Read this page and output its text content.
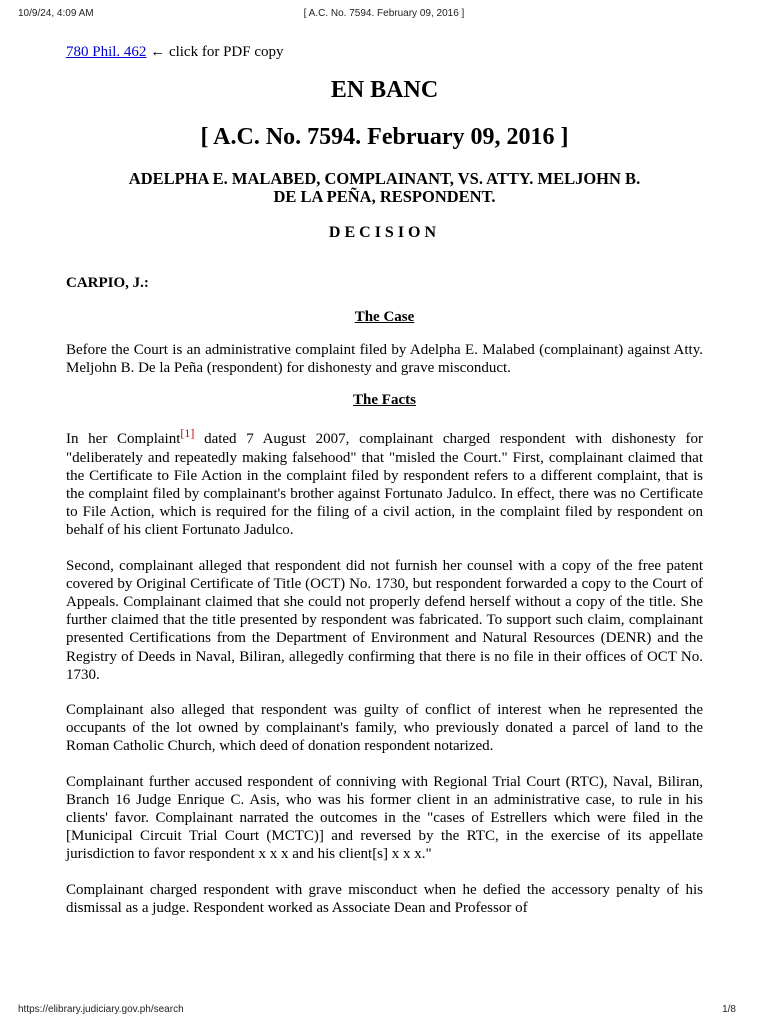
10/9/24, 4:09 AM	[ A.C. No. 7594. February 09, 2016 ]
780 Phil. 462 ← click for PDF copy
EN BANC
[ A.C. No. 7594. February 09, 2016 ]
ADELPHA E. MALABED, COMPLAINANT, VS. ATTY. MELJOHN B.
DE LA PEÑA, RESPONDENT.
DECISION
CARPIO, J.:
The Case

Before the Court is an administrative complaint filed by Adelpha E. Malabed (complainant) against Atty. Meljohn B. De la Peña (respondent) for dishonesty and grave misconduct.

The Facts

In her Complaint[1] dated 7 August 2007, complainant charged respondent with dishonesty for "deliberately and repeatedly making falsehood" that "misled the Court." First, complainant claimed that the Certificate to File Action in the complaint filed by respondent refers to a different complaint, that is the complaint filed by complainant's brother against Fortunato Jadulco. In effect, there was no Certificate to File Action, which is required for the filing of a civil action, in the complaint filed by respondent on behalf of his client Fortunato Jadulco.

Second, complainant alleged that respondent did not furnish her counsel with a copy of the free patent covered by Original Certificate of Title (OCT) No. 1730, but respondent forwarded a copy to the Court of Appeals. Complainant claimed that she could not properly defend herself without a copy of the title. She further claimed that the title presented by respondent was fabricated. To support such claim, complainant presented Certifications from the Department of Environment and Natural Resources (DENR) and the Registry of Deeds in Naval, Biliran, allegedly confirming that there is no file in their offices of OCT No. 1730.

Complainant also alleged that respondent was guilty of conflict of interest when he represented the occupants of the lot owned by complainant's family, who previously donated a parcel of land to the Roman Catholic Church, which deed of donation respondent notarized.

Complainant further accused respondent of conniving with Regional Trial Court (RTC), Naval, Biliran, Branch 16 Judge Enrique C. Asis, who was his former client in an administrative case, to rule in his clients' favor. Complainant narrated the outcomes in the "cases of Estrellers which were filed in the [Municipal Circuit Trial Court (MCTC)] and reversed by the RTC, in the exercise of its appellate jurisdiction to favor respondent x x x and his client[s] x x x."

Complainant charged respondent with grave misconduct when he defied the accessory penalty of his dismissal as a judge. Respondent worked as Associate Dean and Professor of

https://elibrary.judiciary.gov.ph/search	1/8
